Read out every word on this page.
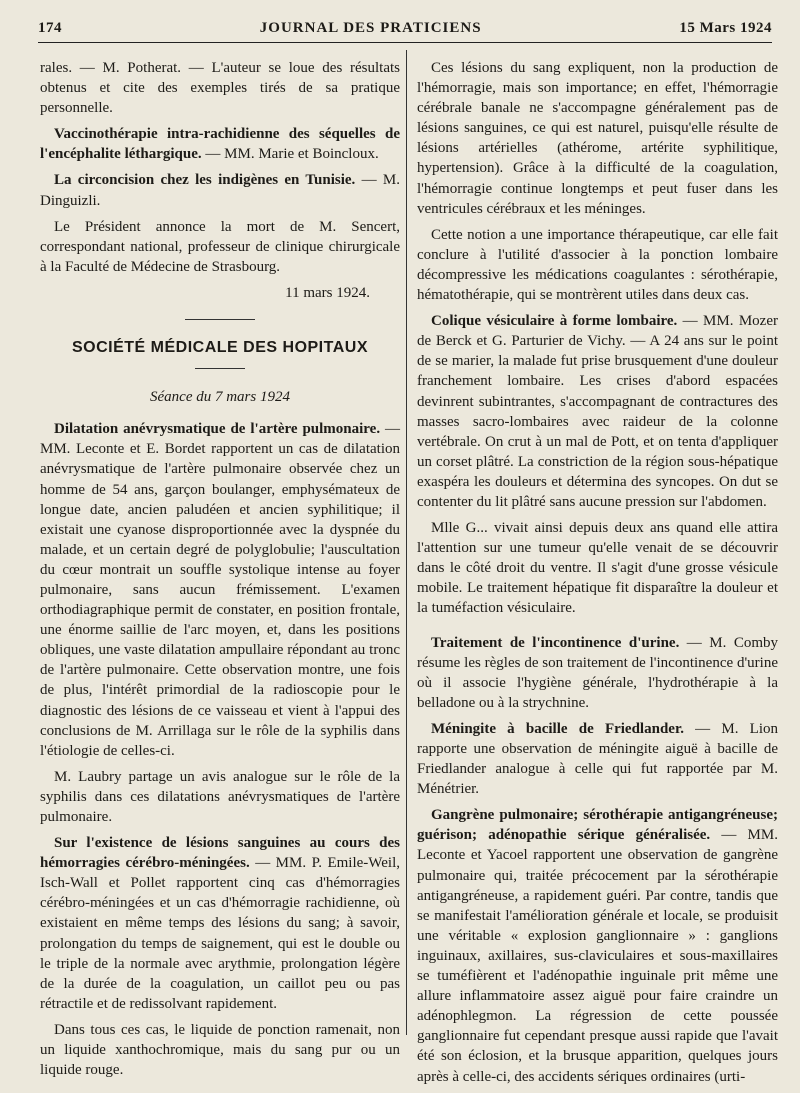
174	JOURNAL DES PRATICIENS	15 Mars 1924

rales. — M. Potherat. — L'auteur se loue des résultats obtenus et cite des exemples tirés de sa pratique personnelle.

Vaccinothérapie intra-rachidienne des séquelles de l'encéphalite léthargique. — MM. Marie et Boincloux.

La circoncision chez les indigènes en Tunisie. — M. Dinguizli.

Le Président annonce la mort de M. Sencert, correspondant national, professeur de clinique chirurgicale à la Faculté de Médecine de Strasbourg.

11 mars 1924.

SOCIÉTÉ MÉDICALE DES HOPITAUX

Séance du 7 mars 1924

Dilatation anévrysmatique de l'artère pulmonaire. — MM. Leconte et E. Bordet rapportent un cas de dilatation anévrysmatique de l'artère pulmonaire observée chez un homme de 54 ans, garçon boulanger, emphysémateux de longue date, ancien paludéen et ancien syphilitique; il existait une cyanose disproportionnée avec la dyspnée du malade, et un certain degré de polyglobulie; l'auscultation du cœur montrait un souffle systolique intense au foyer pulmonaire, sans aucun frémissement. L'examen orthodiagraphique permit de constater, en position frontale, une énorme saillie de l'arc moyen, et, dans les positions obliques, une vaste dilatation ampullaire répondant au tronc de l'artère pulmonaire. Cette observation montre, une fois de plus, l'intérêt primordial de la radioscopie pour le diagnostic des lésions de ce vaisseau et vient à l'appui des conclusions de M. Arrillaga sur le rôle de la syphilis dans l'étiologie de celles-ci.

M. Laubry partage un avis analogue sur le rôle de la syphilis dans ces dilatations anévrysmatiques de l'artère pulmonaire.

Sur l'existence de lésions sanguines au cours des hémorragies cérébro-méningées. — MM. P. Emile-Weil, Isch-Wall et Pollet rapportent cinq cas d'hémorragies cérébro-méningées et un cas d'hémorragie rachidienne, où existaient en même temps des lésions du sang; à savoir, prolongation du temps de saignement, qui est le double ou le triple de la normale avec arythmie, prolongation légère de la durée de la coagulation, un caillot peu ou pas rétractile et de redissolvant rapidement.

Dans tous ces cas, le liquide de ponction ramenait, non un liquide xanthochromique, mais du sang pur ou un liquide rouge.

Ces lésions du sang expliquent, non la production de l'hémorragie, mais son importance; en effet, l'hémorragie cérébrale banale ne s'accompagne généralement pas de lésions sanguines, ce qui est naturel, puisqu'elle résulte de lésions artérielles (athérome, artérite syphilitique, hypertension). Grâce à la difficulté de la coagulation, l'hémorragie continue longtemps et peut fuser dans les ventricules cérébraux et les méninges.

Cette notion a une importance thérapeutique, car elle fait conclure à l'utilité d'associer à la ponction lombaire décompressive les médications coagulantes : sérothérapie, hématothérapie, qui se montrèrent utiles dans deux cas.

Colique vésiculaire à forme lombaire. — MM. Mozer de Berck et G. Parturier de Vichy. — A 24 ans sur le point de se marier, la malade fut prise brusquement d'une douleur franchement lombaire. Les crises d'abord espacées devinrent subintrantes, s'accompagnant de contractures des masses sacro-lombaires avec raideur de la colonne vertébrale. On crut à un mal de Pott, et on tenta d'appliquer un corset plâtré. La constriction de la région sous-hépatique exaspéra les douleurs et détermina des syncopes. On dut se contenter du lit plâtré sans aucune pression sur l'abdomen.

Mlle G... vivait ainsi depuis deux ans quand elle attira l'attention sur une tumeur qu'elle venait de se découvrir dans le côté droit du ventre. Il s'agit d'une grosse vésicule mobile. Le traitement hépatique fit disparaître la douleur et la tuméfaction vésiculaire.

Traitement de l'incontinence d'urine. — M. Comby résume les règles de son traitement de l'incontinence d'urine où il associe l'hygiène générale, l'hydrothérapie à la belladone ou à la strychnine.

Méningite à bacille de Friedlander. — M. Lion rapporte une observation de méningite aiguë à bacille de Friedlander analogue à celle qui fut rapportée par M. Ménétrier.

Gangrène pulmonaire; sérothérapie antigangréneuse; guérison; adénopathie sérique généralisée. — MM. Leconte et Yacoel rapportent une observation de gangrène pulmonaire qui, traitée précocement par la sérothérapie antigangréneuse, a rapidement guéri. Par contre, tandis que se manifestait l'amélioration générale et locale, se produisit une véritable « explosion ganglionnaire » : ganglions inguinaux, axillaires, sus-claviculaires et sous-maxillaires se tuméfièrent et l'adénopathie inguinale prit même une allure inflammatoire assez aiguë pour faire craindre un adénophlegmon. La régression de cette poussée ganglionnaire fut cependant presque aussi rapide que l'avait été son éclosion, et la brusque apparition, quelques jours après à celle-ci, des accidents sériques ordinaires (urti-
